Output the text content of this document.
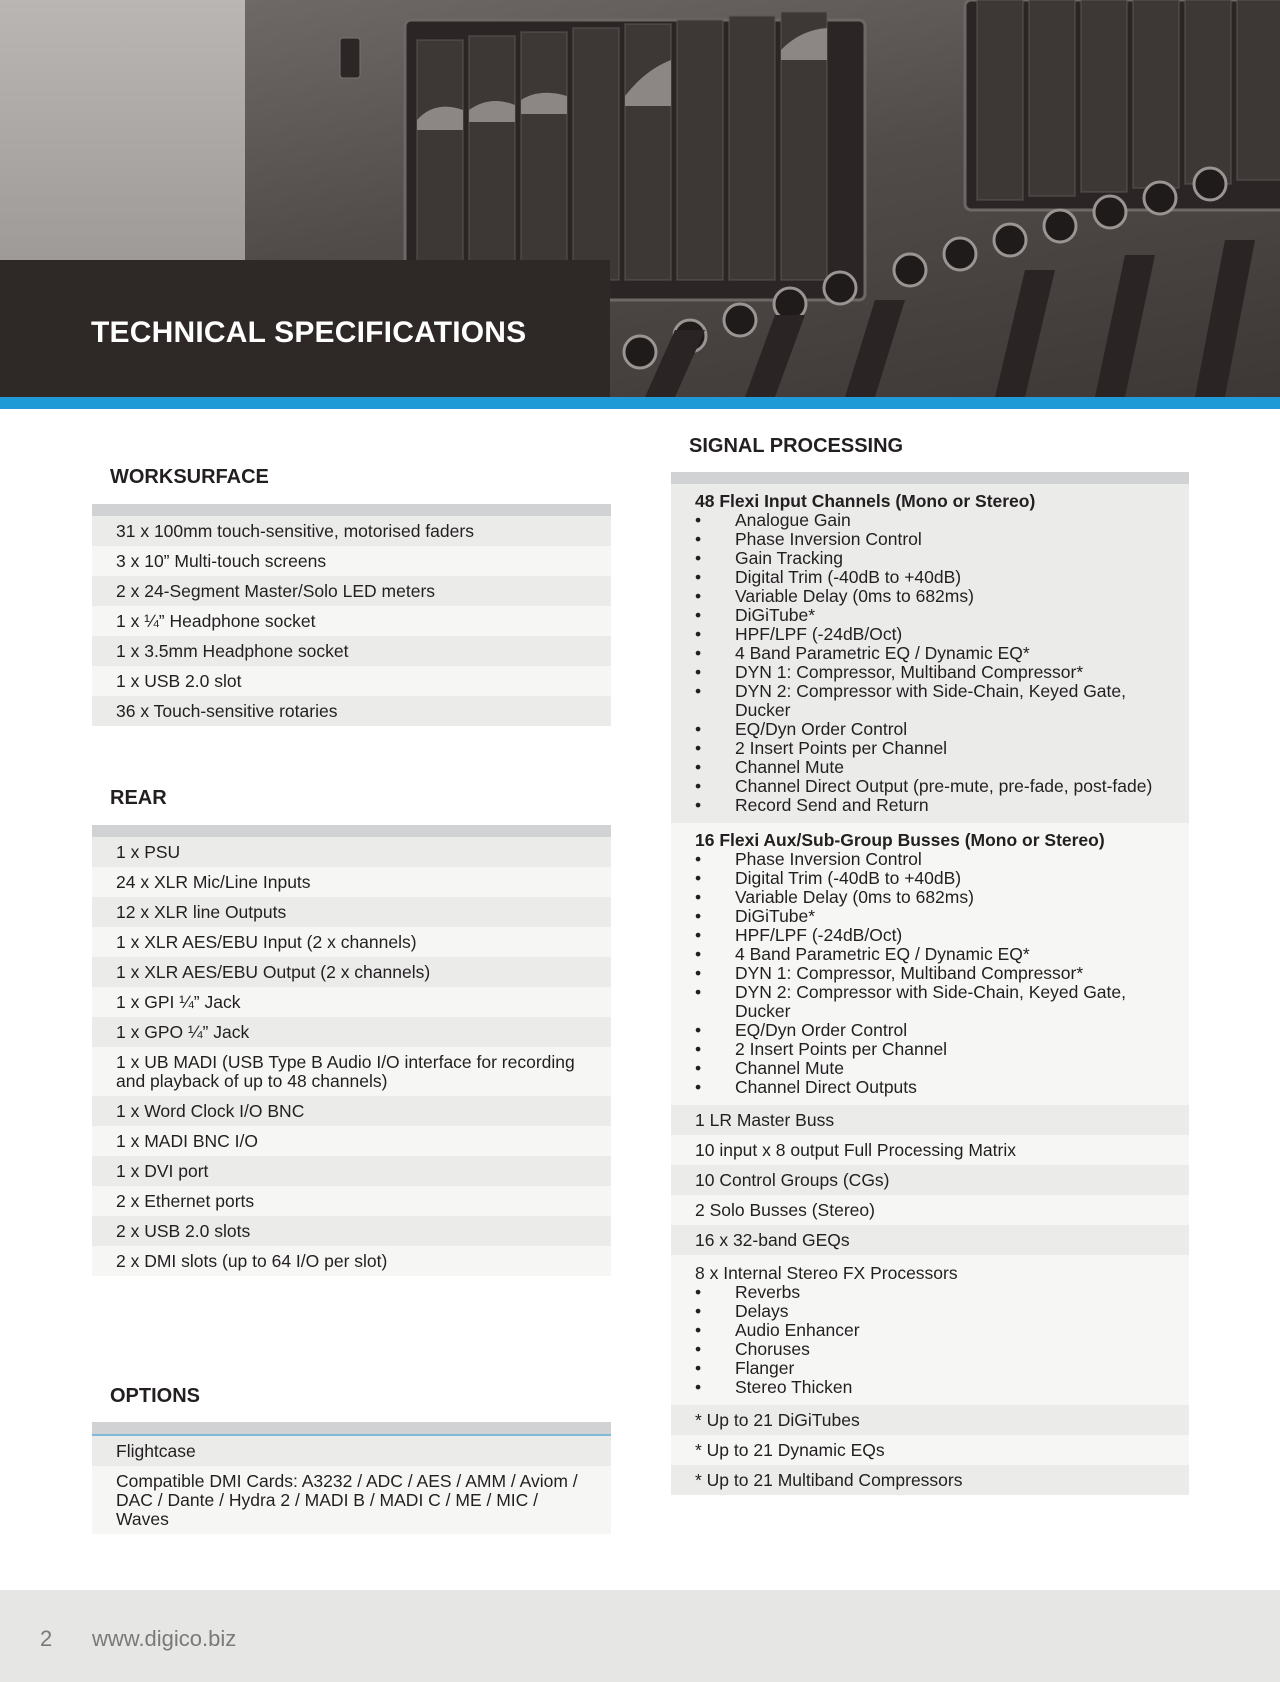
TECHNICAL SPECIFICATIONS
WORKSURFACE
31 x 100mm touch-sensitive, motorised faders
3 x 10” Multi-touch screens
2 x 24-Segment Master/Solo LED meters
1 x ¼” Headphone socket
1 x 3.5mm Headphone socket
1 x USB 2.0 slot
36 x Touch-sensitive rotaries
REAR
1 x PSU
24 x XLR Mic/Line Inputs
12 x XLR line Outputs
1 x XLR AES/EBU Input (2 x channels)
1 x XLR AES/EBU Output (2 x channels)
1 x GPI ¼” Jack
1 x GPO ¼” Jack
1 x UB MADI (USB Type B Audio I/O interface for recording and playback of up to 48 channels)
1 x Word Clock I/O BNC
1 x MADI BNC I/O
1 x DVI port
2 x Ethernet ports
2 x USB 2.0 slots
2 x DMI slots (up to 64 I/O per slot)
OPTIONS
Flightcase
Compatible DMI Cards: A3232 / ADC / AES / AMM / Aviom / DAC / Dante / Hydra 2 / MADI B / MADI C / ME / MIC / Waves
SIGNAL PROCESSING
48 Flexi Input Channels (Mono or Stereo)
• Analogue Gain
• Phase Inversion Control
• Gain Tracking
• Digital Trim (-40dB to +40dB)
• Variable Delay (0ms to 682ms)
• DiGiTube*
• HPF/LPF (-24dB/Oct)
• 4 Band Parametric EQ / Dynamic EQ*
• DYN 1: Compressor, Multiband Compressor*
• DYN 2: Compressor with Side-Chain, Keyed Gate, Ducker
• EQ/Dyn Order Control
• 2 Insert Points per Channel
• Channel Mute
• Channel Direct Output (pre-mute, pre-fade, post-fade)
• Record Send and Return
16 Flexi Aux/Sub-Group Busses (Mono or Stereo)
• Phase Inversion Control
• Digital Trim (-40dB to +40dB)
• Variable Delay (0ms to 682ms)
• DiGiTube*
• HPF/LPF (-24dB/Oct)
• 4 Band Parametric EQ / Dynamic EQ*
• DYN 1: Compressor, Multiband Compressor*
• DYN 2: Compressor with Side-Chain, Keyed Gate, Ducker
• EQ/Dyn Order Control
• 2 Insert Points per Channel
• Channel Mute
• Channel Direct Outputs
1 LR Master Buss
10 input x 8 output Full Processing Matrix
10 Control Groups (CGs)
2 Solo Busses (Stereo)
16 x 32-band GEQs
8 x Internal Stereo FX Processors
• Reverbs
• Delays
• Audio Enhancer
• Choruses
• Flanger
• Stereo Thicken
* Up to 21 DiGiTubes
* Up to 21 Dynamic EQs
* Up to 21 Multiband Compressors
2 www.digico.biz
